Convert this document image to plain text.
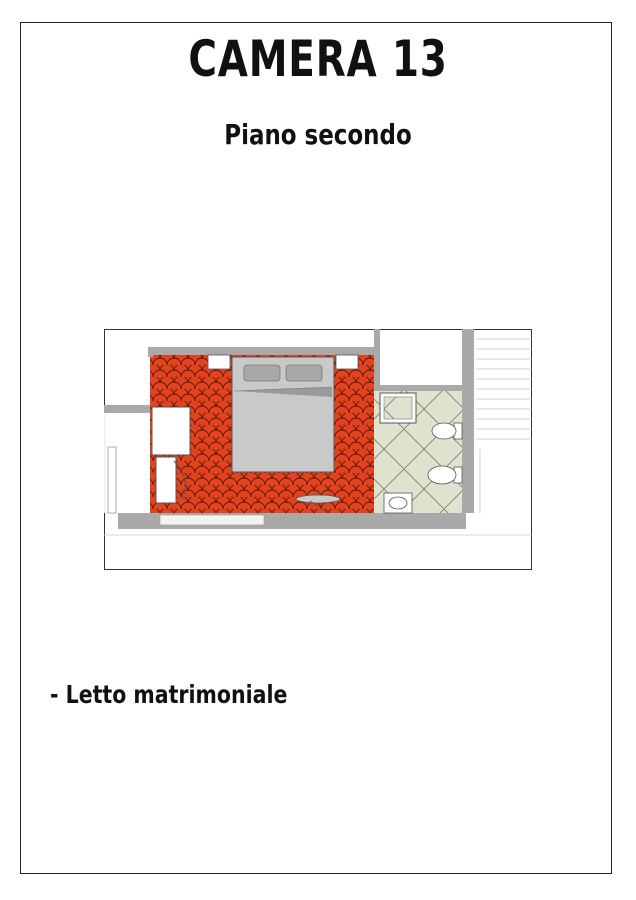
CAMERA 13
Piano secondo
- Letto matrimoniale
